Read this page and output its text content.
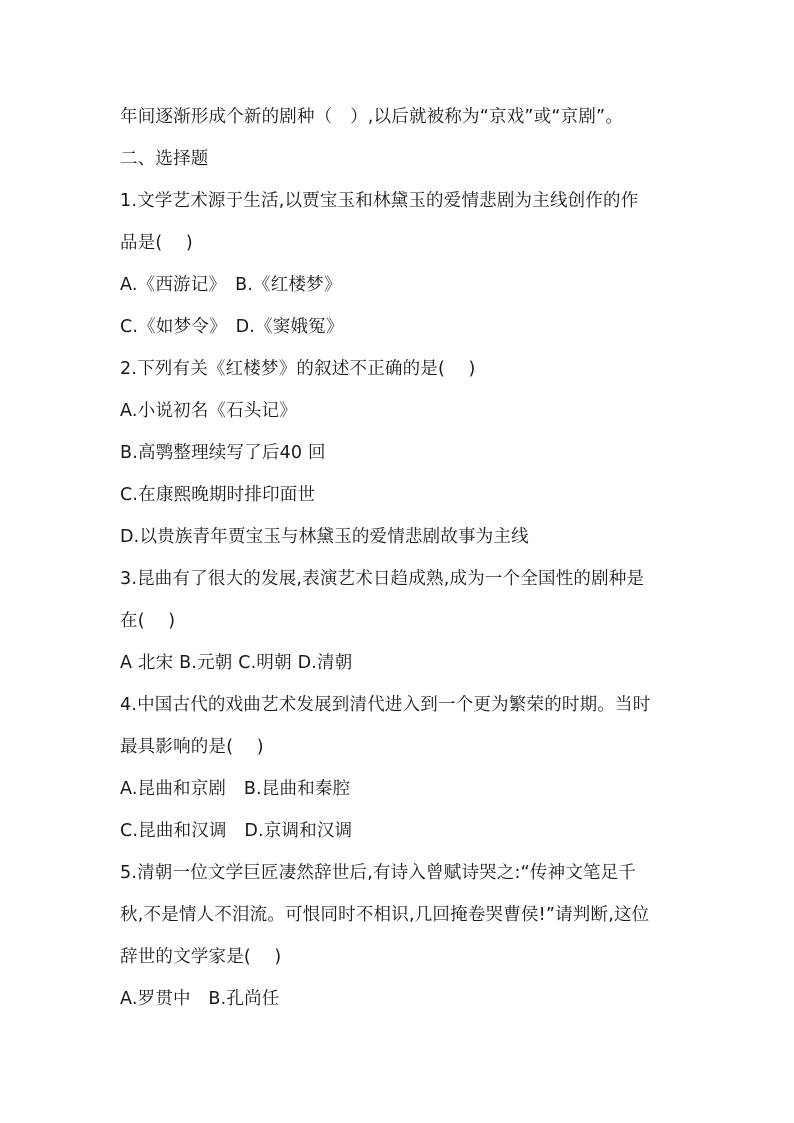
年间逐渐形成个新的剧种（　）,以后就被称为“京戏”或“京剧”。
二、选择题
1.文学艺术源于生活,以贾宝玉和林黛玉的爱情悲剧为主线创作的作
品是(　 )
A.《西游记》　B.《红楼梦》
C.《如梦令》　D.《窦娥冤》
2.下列有关《红楼梦》的叙述不正确的是(　 )
A.小说初名《石头记》
B.高鹗整理续写了后40 回
C.在康熙晚期时排印面世
D.以贵族青年贾宝玉与林黛玉的爱情悲剧故事为主线
3.昆曲有了很大的发展,表演艺术日趋成熟,成为一个全国性的剧种是
在(　 )
A 北宋 B.元朝 C.明朝 D.清朝
4.中国古代的戏曲艺术发展到清代进入到一个更为繁荣的时期。当时
最具影响的是(　 )
A.昆曲和京剧　B.昆曲和秦腔
C.昆曲和汉调　D.京调和汉调
5.清朝一位文学巨匠凄然辞世后,有诗入曾赋诗哭之:“传神文笔足千
秋,不是情人不泪流。可恨同时不相识,几回掩卷哭曹侯!”请判断,这位
辞世的文学家是(　 )
A.罗贯中　B.孔尚任
